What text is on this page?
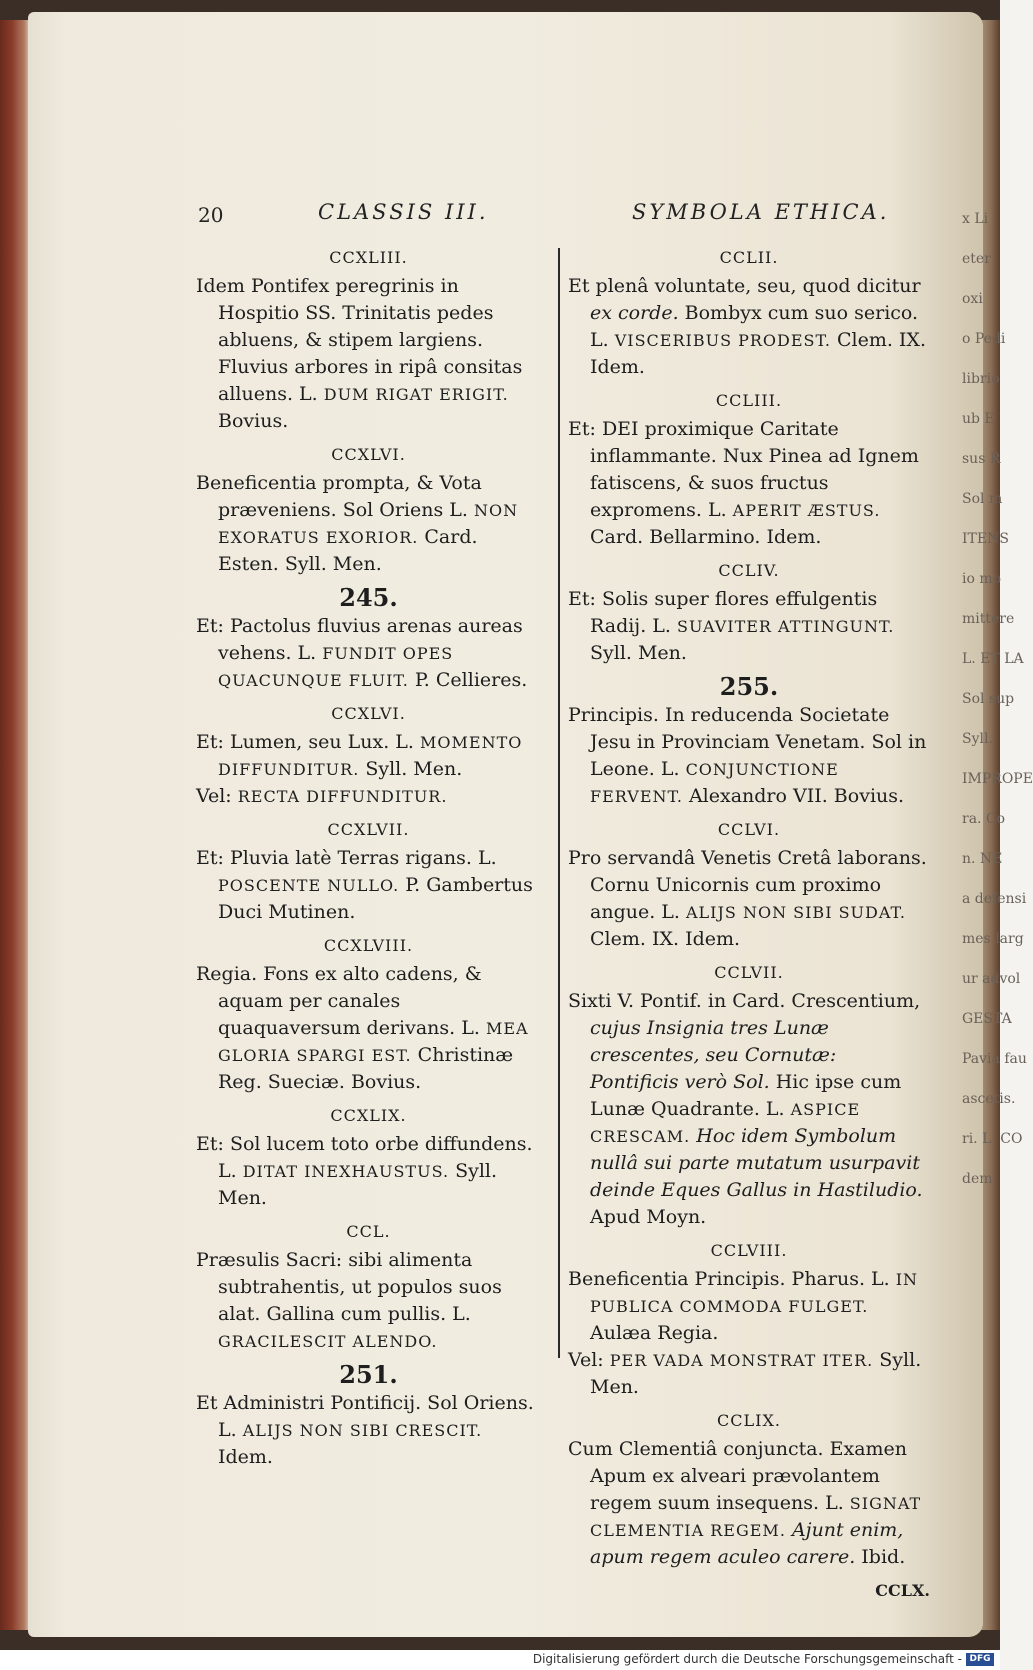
20	CLASSIS III.	SYMBOLA ETHICA.
CCXLIII.
Idem Pontifex peregrinis in Hospitio SS. Trinitatis pedes abluens, & stipem largiens. Fluvius arbores in ripâ consitas alluens. L. DUM RIGAT ERIGIT. Bovius.
CCXLVI.
Beneficentia prompta, & Vota præveniens. Sol Oriens L. NON EXORATUS EXORIOR. Card. Esten. Syll. Men.
245.
Et: Pactolus fluvius arenas aureas vehens. L. FUNDIT OPES QUACUNQUE FLUIT. P. Cellieres.
CCXLVI.
Et: Lumen, seu Lux. L. MOMENTO DIFFUNDITUR. Syll. Men.
Vel: RECTA DIFFUNDITUR.
CCXLVII.
Et: Pluvia latè Terras rigans. L. POSCENTE NULLO. P. Gambertus Duci Mutinen.
CCXLVIII.
Regia. Fons ex alto cadens, & aquam per canales quaquaversum derivans. L. MEA GLORIA SPARGI EST. Christinæ Reg. Sueciæ. Bovius.
CCXLIX.
Et: Sol lucem toto orbe diffundens. L. DITAT INEXHAUSTUS. Syll. Men.
CCL.
Præsulis Sacri: sibi alimenta subtrahentis, ut populos suos alat. Gallina cum pullis. L. GRACILESCIT ALENDO.
251.
Et Administri Pontificij. Sol Oriens. L. ALIJS NON SIBI CRESCIT. Idem.
CCLII.
Et plenâ voluntate, seu, quod dicitur ex corde. Bombyx cum suo serico. L. VISCERIBUS PRODEST. Clem. IX. Idem.
CCLIII.
Et: DEI proximique Caritate inflammante. Nux Pinea ad Ignem fatiscens, & suos fructus expromens. L. APERIT ÆSTUS. Card. Bellarmino. Idem.
CCLIV.
Et: Solis super flores effulgentis Radij. L. SUAVITER ATTINGUNT. Syll. Men.
255.
Principis. In reducenda Societate Jesu in Provinciam Venetam. Sol in Leone. L. CONJUNCTIONE FERVENT. Alexandro VII. Bovius.
CCLVI.
Pro servandâ Venetis Cretâ laborans. Cornu Unicornis cum proximo angue. L. ALIJS NON SIBI SUDAT. Clem. IX. Idem.
CCLVII.
Sixti V. Pontif. in Card. Crescentium, cujus Insignia tres Lunæ crescentes, seu Cornutæ: Pontificis verò Sol. Hic ipse cum Lunæ Quadrante. L. ASPICE CRESCAM. Hoc idem Symbolum nullâ sui parte mutatum usurpavit deinde Eques Gallus in Hastiludio. Apud Moyn.
CCLVIII.
Beneficentia Principis. Pharus. L. IN PUBLICA COMMODA FULGET. Aulæa Regia.
Vel: PER VADA MONSTRAT ITER. Syll. Men.
CCLIX.
Cum Clementiâ conjuncta. Examen Apum ex alveari prævolantem regem suum insequens. L. SIGNAT CLEMENTIA REGEM. Ajunt enim, apum regem aculeo carere. Ibid.
CCLX.
x Li
eter
oxi
o Pedi
librio
ub E
sus R
Sol m
ITENS
io mo
mittere
L. ET LA
Sol sup
Syll.
IMPROPE
ra. Co
n. NE
a defensi
mes larg
ur advol
GESTA
Pavia fau
ascetis.
ri. L. CO
dem.
Digitalisierung gefördert durch die Deutsche Forschungsgemeinschaft - DFG
